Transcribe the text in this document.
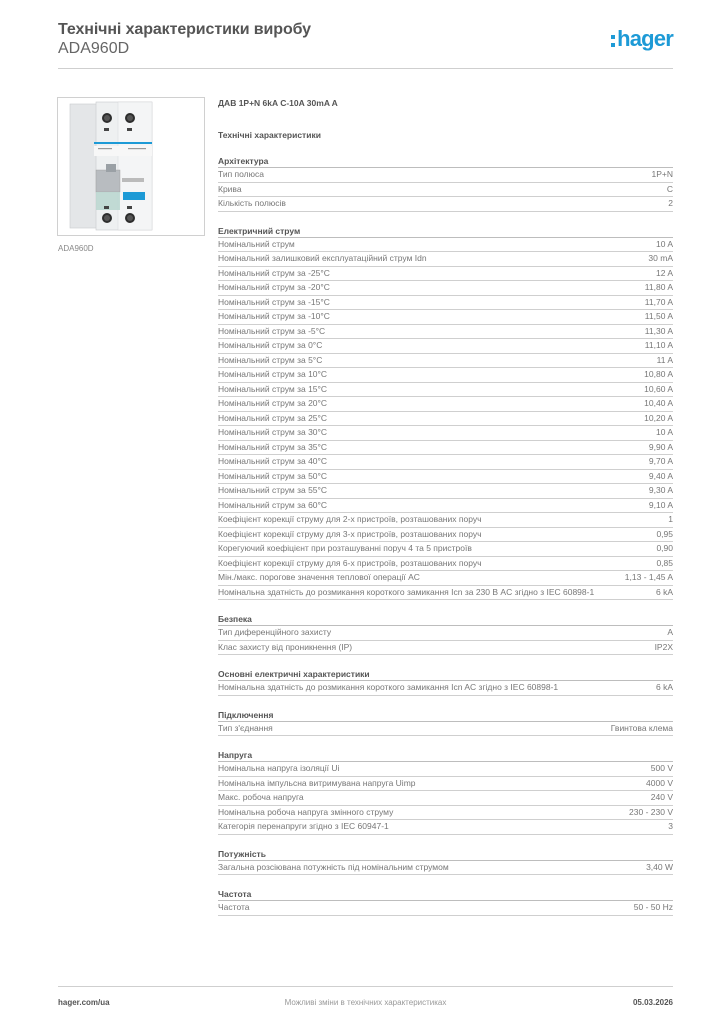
Технічні характеристики виробу
ADA960D	hager
ADA960D
ДАВ 1P+N 6kA C-10A 30mA A
Технічні характеристики
Архітектура
Тип полюса	1P+N
Крива	C
Кількість полюсів	2
Електричний струм
Номінальний струм	10 A
Номінальний залишковий експлуатаційний струм Idn	30 mA
Номінальний струм за -25°C	12 A
Номінальний струм за -20°C	11,80 A
Номінальний струм за -15°C	11,70 A
Номінальний струм за -10°C	11,50 A
Номінальний струм за -5°C	11,30 A
Номінальний струм за 0°C	11,10 A
Номінальний струм за 5°C	11 A
Номінальний струм за 10°C	10,80 A
Номінальний струм за 15°C	10,60 A
Номінальний струм за 20°C	10,40 A
Номінальний струм за 25°C	10,20 A
Номінальний струм за 30°C	10 A
Номінальний струм за 35°C	9,90 A
Номінальний струм за 40°C	9,70 A
Номінальний струм за 50°C	9,40 A
Номінальний струм за 55°C	9,30 A
Номінальний струм за 60°C	9,10 A
Коефіцієнт корекції струму для 2-х пристроїв, розташованих поруч	1
Коефіцієнт корекції струму для 3-х пристроїв, розташованих поруч	0,95
Корегуючий коефіцієнт при розташуванні поруч 4 та 5 пристроїв	0,90
Коефіцієнт корекції струму для 6-х пристроїв, розташованих поруч	0,85
Мін./макс. порогове значення теплової операції AC	1,13 - 1,45 A
Номінальна здатність до розмикання короткого замикання Icn за 230 В AC згідно з IEC 60898-1	6 kA
Безпека
Тип диференційного захисту	A
Клас захисту від проникнення (IP)	IP2X
Основні електричні характеристики
Номінальна здатність до розмикання короткого замикання Icn AC згідно з IEC 60898-1	6 kA
Підключення
Тип з'єднання	Гвинтова клема
Напруга
Номінальна напруга ізоляції Ui	500 V
Номінальна імпульсна витримувана напруга Uimp	4000 V
Макс. робоча напруга	240 V
Номінальна робоча напруга змінного струму	230 - 230 V
Категорія перенапруги згідно з IEC 60947-1	3
Потужність
Загальна розсіювана потужність під номінальним струмом	3,40 W
Частота
Частота	50 - 50 Hz
hager.com/ua	Можливі зміни в технічних характеристиках	05.03.2026
